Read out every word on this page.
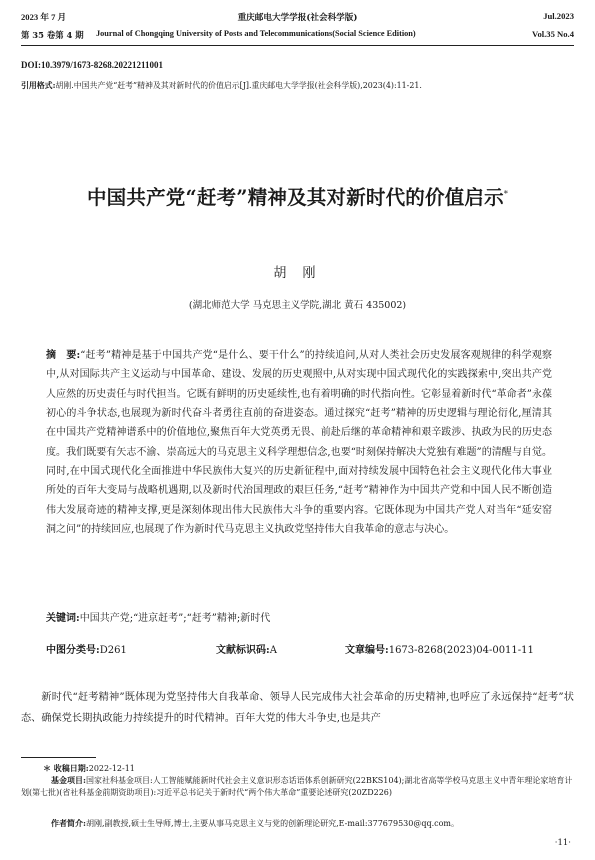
2023 年 7 月	重庆邮电大学学报(社会科学版)	Jul.2023
第 35 卷第 4 期 Journal of Chongqing University of Posts and Telecommunications(Social Science Edition)	Vol.35 No.4
DOI:10.3979/1673-8268.20221211001
引用格式:胡刚.中国共产党“赶考”精神及其对新时代的价值启示[J].重庆邮电大学学报(社会科学版),2023(4):11-21.
中国共产党“赶考”精神及其对新时代的价值启示*
胡 刚
(湖北师范大学 马克思主义学院,湖北 黄石 435002)
摘　要:“赶考”精神是基于中国共产党“是什么、要干什么”的持续追问,从对人类社会历史发展客观规律的科学观察中,从对国际共产主义运动与中国革命、建设、发展的历史观照中,从对实现中国式现代化的实践探索中,突出共产党人应然的历史责任与时代担当。它既有鲜明的历史延续性,也有着明确的时代指向性。它彰显着新时代“革命者”永葆初心的斗争状态,也展现为新时代奋斗者勇往直前的奋进姿态。通过探究“赶考”精神的历史逻辑与理论衍化,厘清其在中国共产党精神谱系中的价值地位,聚焦百年大党英勇无畏、前赴后继的革命精神和艰辛跋涉、执政为民的历史态度。我们既要有矢志不渝、崇高远大的马克思主义科学理想信念,也要“时刻保持解决大党独有难题”的清醒与自觉。同时,在中国式现代化全面推进中华民族伟大复兴的历史新征程中,面对持续发展中国特色社会主义现代化伟大事业所处的百年大变局与战略机遇期,以及新时代治国理政的艰巨任务,“赶考”精神作为中国共产党和中国人民不断创造伟大发展奇迹的精神支撑,更是深刻体现出伟大民族伟大斗争的重要内容。它既体现为中国共产党人对当年“延安窑洞之问”的持续回应,也展现了作为新时代马克思主义执政党坚持伟大自我革命的意志与决心。
关键词:中国共产党;“进京赶考”;“赶考”精神;新时代
中图分类号:D261	文献标识码:A	文章编号:1673-8268(2023)04-0011-11
新时代“赶考精神”既体现为党坚持伟大自我革命、领导人民完成伟大社会革命的历史精神,也呼应了永远保持“赶考”状态、确保党长期执政能力持续提升的时代精神。百年大党的伟大斗争史,也是共产
＊ 收稿日期:2022-12-11
基金项目:国家社科基金项目:人工智能赋能新时代社会主义意识形态话语体系创新研究(22BKS104);湖北省高等学校马克思主义中青年理论家培育计划(第七批)(省社科基金前期资助项目):习近平总书记关于新时代“两个伟大革命”重要论述研究(20ZD226)
作者简介:胡刚,副教授,硕士生导师,博士,主要从事马克思主义与党的创新理论研究,E-mail:377679530@qq.com。
·11·
